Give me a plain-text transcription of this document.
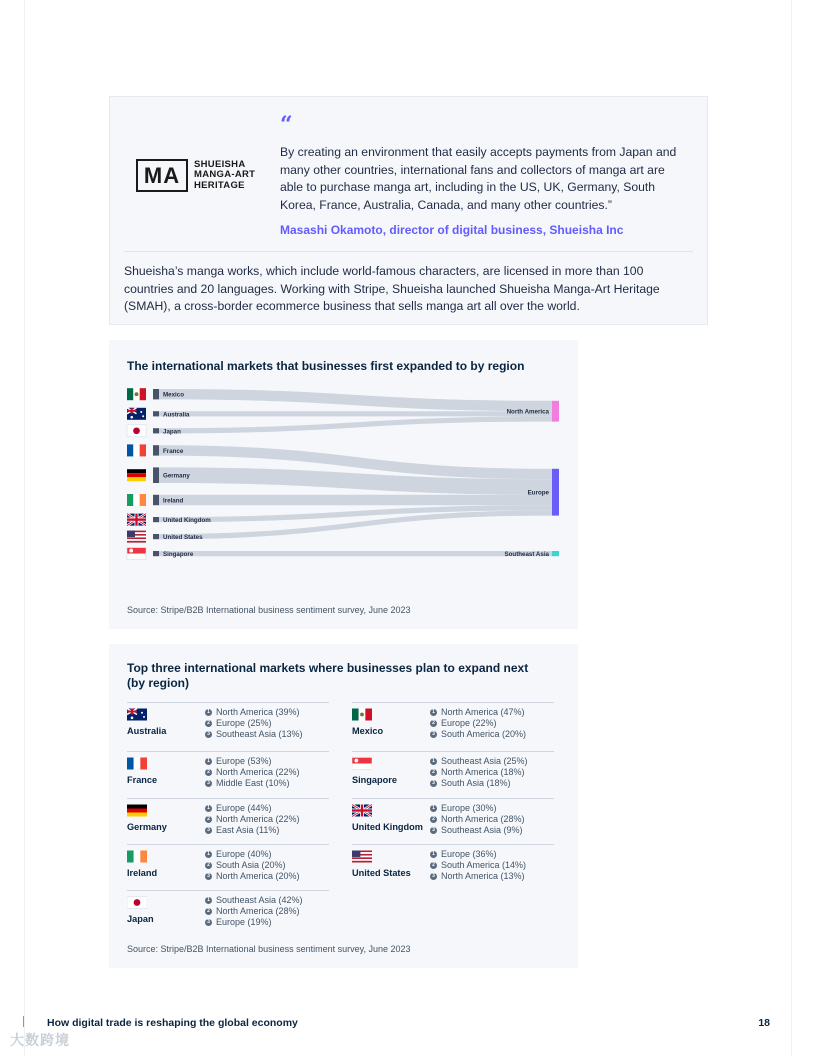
MA	SHUEISHA
MANGA-ART
HERITAGE
“
By creating an environment that easily accepts payments from Japan and many other countries, international fans and collectors of manga art are able to purchase manga art, including in the US, UK, Germany, South Korea, France, Australia, Canada, and many other countries.”
Masashi Okamoto, director of digital business, Shueisha Inc
Shueisha’s manga works, which include world-famous characters, are licensed in more than 100 countries and 20 languages. Working with Stripe, Shueisha launched Shueisha Manga-Art Heritage (SMAH), a cross-border ecommerce business that sells manga art all over the world.
The international markets that businesses first expanded to by region
Mexico
Australia
Japan
France
Germany
Ireland
United Kingdom
United States
Singapore
North America
Europe
Southeast Asia
Source: Stripe/B2B International business sentiment survey, June 2023
Top three international markets where businesses plan to expand next (by region)
Source: Stripe/B2B International business sentiment survey, June 2023
Australia
1 North America (39%)
2 Europe (25%)
3 Southeast Asia (13%)
France
1 Europe (53%)
2 North America (22%)
3 Middle East (10%)
Germany
1 Europe (44%)
2 North America (22%)
3 East Asia (11%)
Ireland
1 Europe (40%)
2 South Asia (20%)
3 North America (20%)
Japan
1 Southeast Asia (42%)
2 North America (28%)
3 Europe (19%)
Mexico
1 North America (47%)
2 Europe (22%)
3 South America (20%)
Singapore
1 Southeast Asia (25%)
2 North America (18%)
3 South Asia (18%)
United Kingdom
1 Europe (30%)
2 North America (28%)
3 Southeast Asia (9%)
United States
1 Europe (36%)
2 South America (14%)
3 North America (13%)
How digital trade is reshaping the global economy	18
大数跨境
